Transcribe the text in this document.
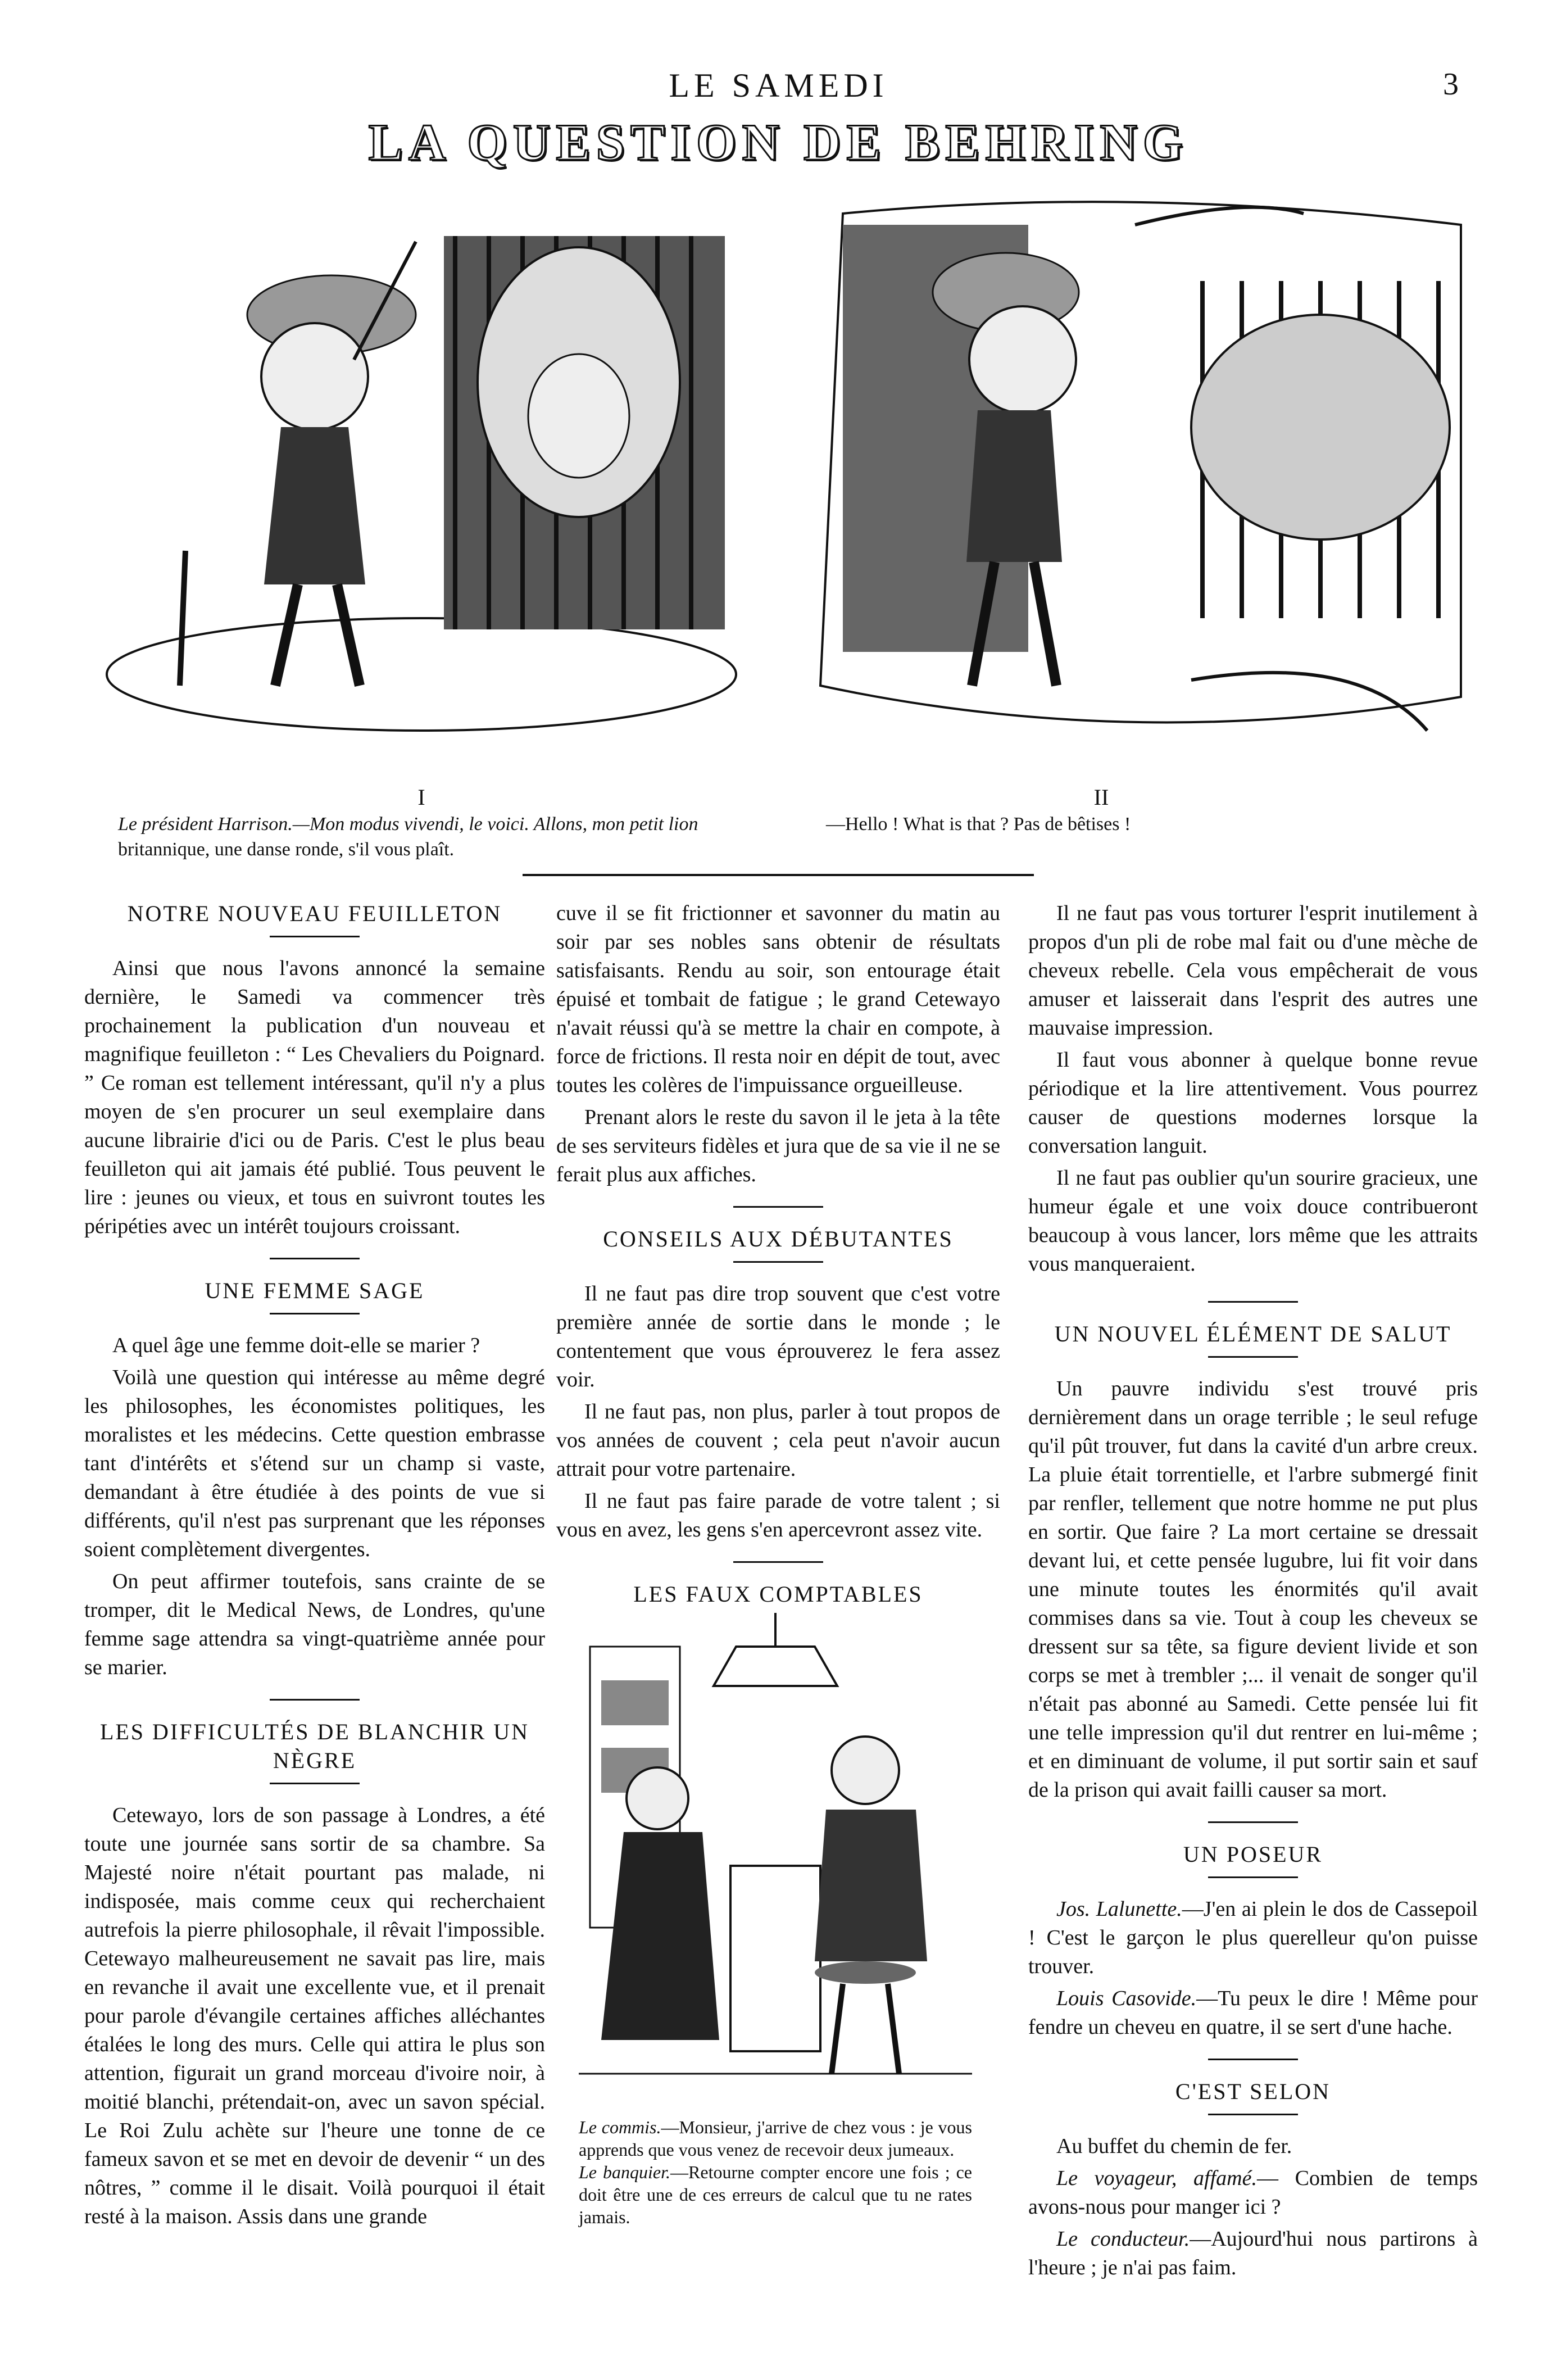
LE SAMEDI	3
LA QUESTION DE BEHRING
I	II
Le président Harrison.—Mon modus vivendi, le voici. Allons, mon petit lion
britannique, une danse ronde, s'il vous plaît.
—Hello ! What is that ? Pas de bêtises !
NOTRE NOUVEAU FEUILLETON

Ainsi que nous l'avons annoncé la semaine dernière, le Samedi va commencer très prochainement la publication d'un nouveau et magnifique feuilleton : “ Les Chevaliers du Poignard. ” Ce roman est tellement intéressant, qu'il n'y a plus moyen de s'en procurer un seul exemplaire dans aucune librairie d'ici ou de Paris. C'est le plus beau feuilleton qui ait jamais été publié. Tous peuvent le lire : jeunes ou vieux, et tous en suivront toutes les péripéties avec un intérêt toujours croissant.

UNE FEMME SAGE

A quel âge une femme doit-elle se marier ?

Voilà une question qui intéresse au même degré les philosophes, les économistes politiques, les moralistes et les médecins. Cette question embrasse tant d'intérêts et s'étend sur un champ si vaste, demandant à être étudiée à des points de vue si différents, qu'il n'est pas surprenant que les réponses soient complètement divergentes.

On peut affirmer toutefois, sans crainte de se tromper, dit le Medical News, de Londres, qu'une femme sage attendra sa vingt-quatrième année pour se marier.

LES DIFFICULTÉS DE BLANCHIR UN NÈGRE

Cetewayo, lors de son passage à Londres, a été toute une journée sans sortir de sa chambre. Sa Majesté noire n'était pourtant pas malade, ni indisposée, mais comme ceux qui recherchaient autrefois la pierre philosophale, il rêvait l'impossible. Cetewayo malheureusement ne savait pas lire, mais en revanche il avait une excellente vue, et il prenait pour parole d'évangile certaines affiches alléchantes étalées le long des murs. Celle qui attira le plus son attention, figurait un grand morceau d'ivoire noir, à moitié blanchi, prétendait-on, avec un savon spécial. Le Roi Zulu achète sur l'heure une tonne de ce fameux savon et se met en devoir de devenir “ un des nôtres, ” comme il le disait. Voilà pourquoi il était resté à la maison. Assis dans une grande

cuve il se fit frictionner et savonner du matin au soir par ses nobles sans obtenir de résultats satisfaisants. Rendu au soir, son entourage était épuisé et tombait de fatigue ; le grand Cetewayo n'avait réussi qu'à se mettre la chair en compote, à force de frictions. Il resta noir en dépit de tout, avec toutes les colères de l'impuissance orgueilleuse.

Prenant alors le reste du savon il le jeta à la tête de ses serviteurs fidèles et jura que de sa vie il ne se ferait plus aux affiches.

CONSEILS AUX DÉBUTANTES

Il ne faut pas dire trop souvent que c'est votre première année de sortie dans le monde ; le contentement que vous éprouverez le fera assez voir.

Il ne faut pas, non plus, parler à tout propos de vos années de couvent ; cela peut n'avoir aucun attrait pour votre partenaire.

Il ne faut pas faire parade de votre talent ; si vous en avez, les gens s'en apercevront assez vite.

LES FAUX COMPTABLES
Le commis.—Monsieur, j'arrive de chez vous : je vous apprends que vous venez de recevoir deux jumeaux.
Le banquier.—Retourne compter encore une fois ; ce doit être une de ces erreurs de calcul que tu ne rates jamais.

Il ne faut pas vous torturer l'esprit inutilement à propos d'un pli de robe mal fait ou d'une mèche de cheveux rebelle. Cela vous empêcherait de vous amuser et laisserait dans l'esprit des autres une mauvaise impression.

Il faut vous abonner à quelque bonne revue périodique et la lire attentivement. Vous pourrez causer de questions modernes lorsque la conversation languit.

Il ne faut pas oublier qu'un sourire gracieux, une humeur égale et une voix douce contribueront beaucoup à vous lancer, lors même que les attraits vous manqueraient.

UN NOUVEL ÉLÉMENT DE SALUT

Un pauvre individu s'est trouvé pris dernièrement dans un orage terrible ; le seul refuge qu'il pût trouver, fut dans la cavité d'un arbre creux. La pluie était torrentielle, et l'arbre submergé finit par renfler, tellement que notre homme ne put plus en sortir. Que faire ? La mort certaine se dressait devant lui, et cette pensée lugubre, lui fit voir dans une minute toutes les énormités qu'il avait commises dans sa vie. Tout à coup les cheveux se dressent sur sa tête, sa figure devient livide et son corps se met à trembler ;... il venait de songer qu'il n'était pas abonné au Samedi. Cette pensée lui fit une telle impression qu'il dut rentrer en lui-même ; et en diminuant de volume, il put sortir sain et sauf de la prison qui avait failli causer sa mort.

UN POSEUR

Jos. Lalunette.—J'en ai plein le dos de Cassepoil ! C'est le garçon le plus querelleur qu'on puisse trouver.

Louis Casovide.—Tu peux le dire ! Même pour fendre un cheveu en quatre, il se sert d'une hache.

C'EST SELON

Au buffet du chemin de fer.

Le voyageur, affamé.— Combien de temps avons-nous pour manger ici ?

Le conducteur.—Aujourd'hui nous partirons à l'heure ; je n'ai pas faim.
